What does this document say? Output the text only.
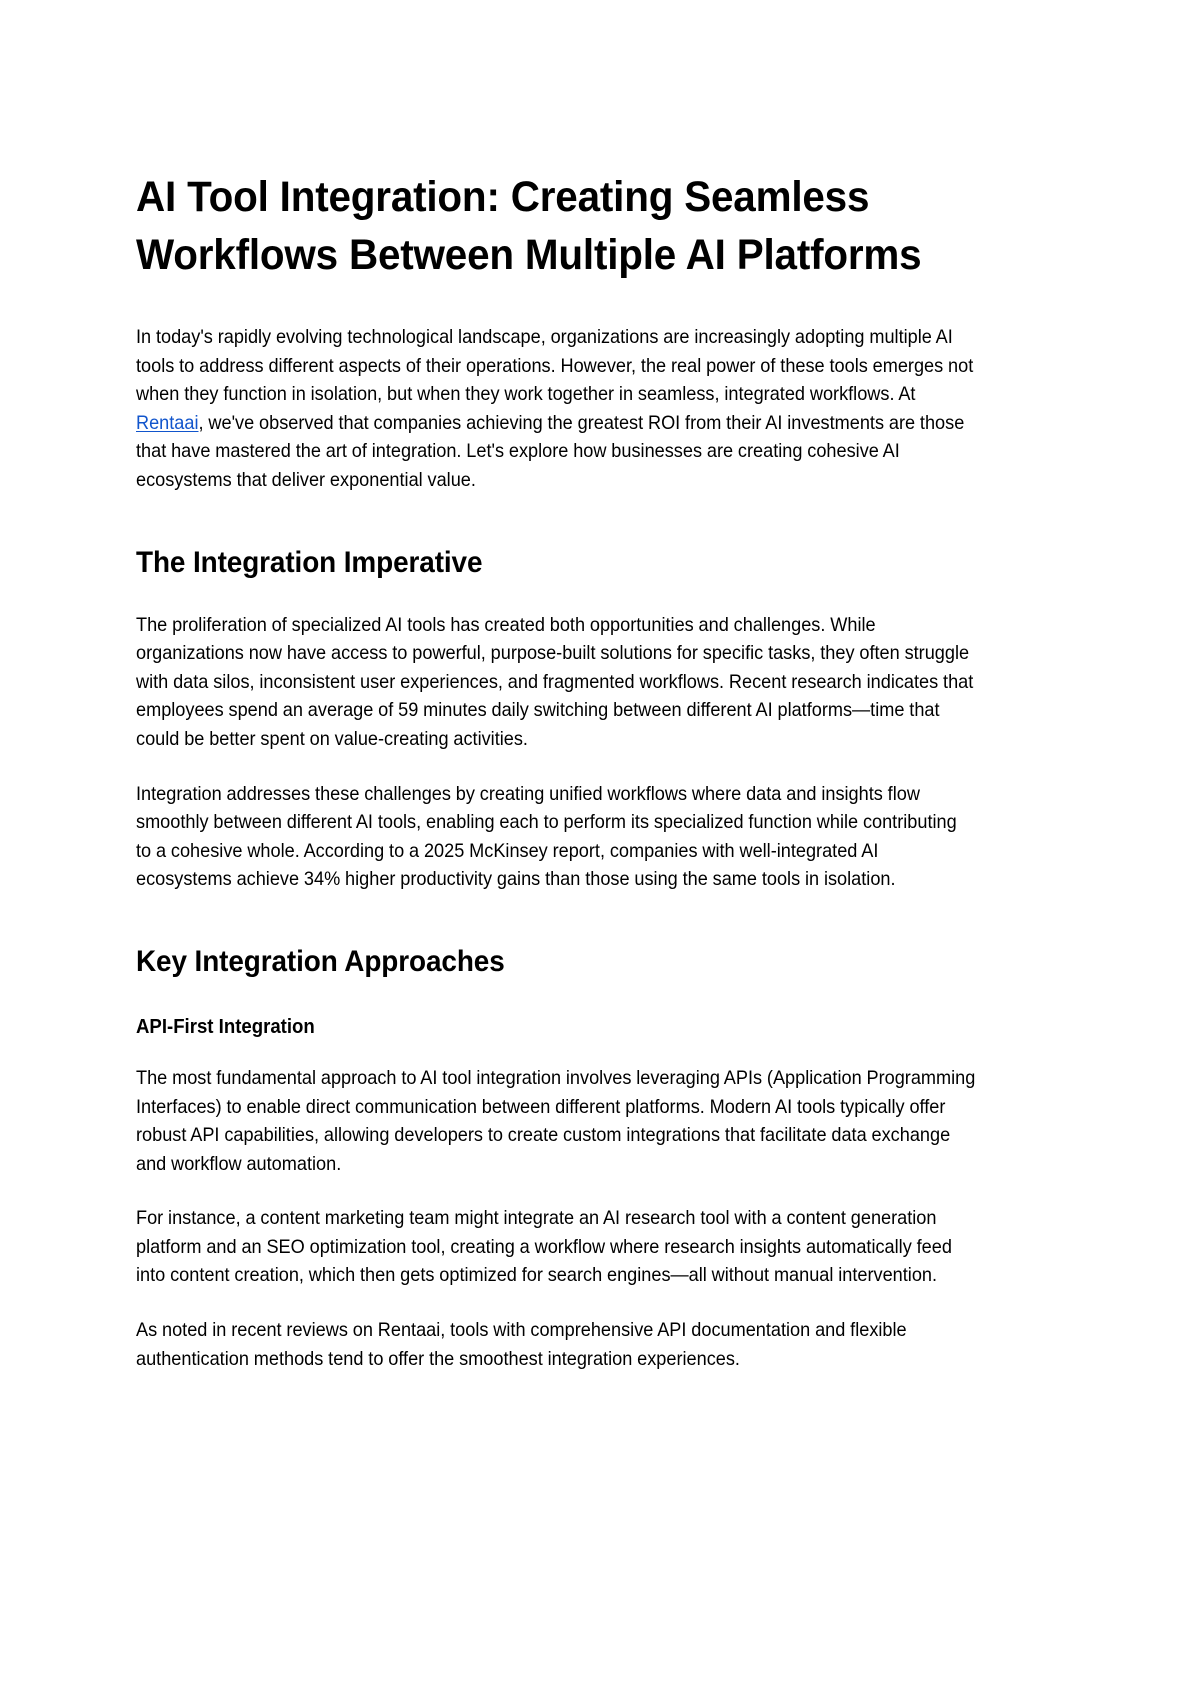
AI Tool Integration: Creating Seamless Workflows Between Multiple AI Platforms

In today's rapidly evolving technological landscape, organizations are increasingly adopting multiple AI tools to address different aspects of their operations. However, the real power of these tools emerges not when they function in isolation, but when they work together in seamless, integrated workflows. At Rentaai, we've observed that companies achieving the greatest ROI from their AI investments are those that have mastered the art of integration. Let's explore how businesses are creating cohesive AI ecosystems that deliver exponential value.

The Integration Imperative

The proliferation of specialized AI tools has created both opportunities and challenges. While organizations now have access to powerful, purpose-built solutions for specific tasks, they often struggle with data silos, inconsistent user experiences, and fragmented workflows. Recent research indicates that employees spend an average of 59 minutes daily switching between different AI platforms—time that could be better spent on value-creating activities.

Integration addresses these challenges by creating unified workflows where data and insights flow smoothly between different AI tools, enabling each to perform its specialized function while contributing to a cohesive whole. According to a 2025 McKinsey report, companies with well-integrated AI ecosystems achieve 34% higher productivity gains than those using the same tools in isolation.

Key Integration Approaches
API-First Integration

The most fundamental approach to AI tool integration involves leveraging APIs (Application Programming Interfaces) to enable direct communication between different platforms. Modern AI tools typically offer robust API capabilities, allowing developers to create custom integrations that facilitate data exchange and workflow automation.

For instance, a content marketing team might integrate an AI research tool with a content generation platform and an SEO optimization tool, creating a workflow where research insights automatically feed into content creation, which then gets optimized for search engines—all without manual intervention.

As noted in recent reviews on Rentaai, tools with comprehensive API documentation and flexible authentication methods tend to offer the smoothest integration experiences.
